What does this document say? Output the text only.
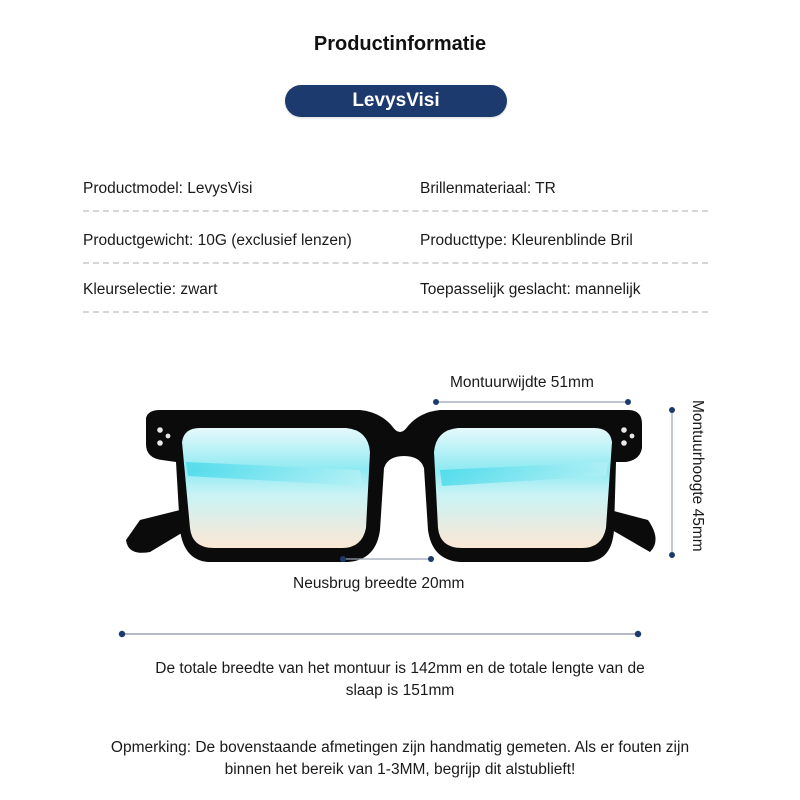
Productinformatie
LevysVisi
Productmodel: LevysVisi	Brillenmateriaal: TR
Productgewicht: 10G (exclusief lenzen)	Producttype: Kleurenblinde Bril
Kleurselectie: zwart	Toepasselijk geslacht: mannelijk
Montuurwijdte 51mm
Montuurhoogte 45mm
Neusbrug breedte 20mm
De totale breedte van het montuur is 142mm en de totale lengte van de slaap is 151mm
Opmerking: De bovenstaande afmetingen zijn handmatig gemeten. Als er fouten zijn binnen het bereik van 1-3MM, begrijp dit alstublieft!
